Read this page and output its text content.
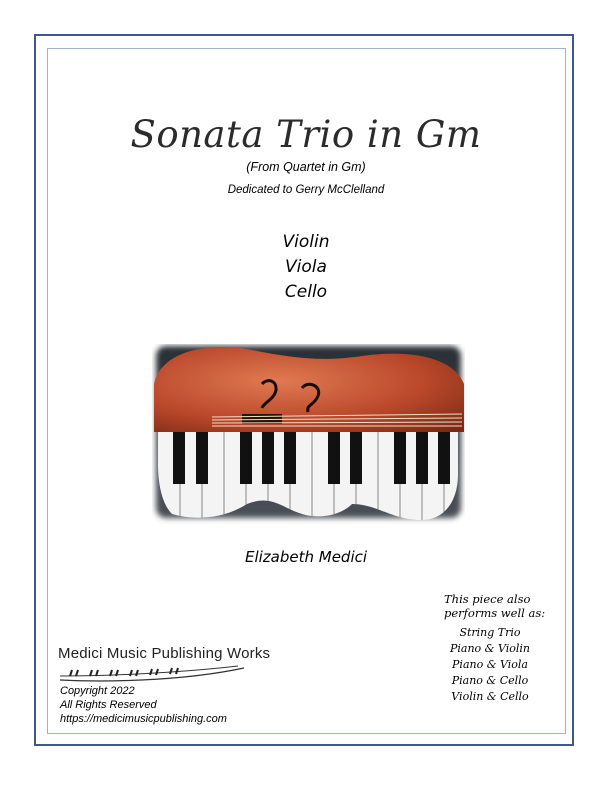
Sonata Trio in Gm
(From Quartet in Gm)
Dedicated to Gerry McClelland
Violin
Viola
Cello
Elizabeth Medici
This piece also
performs well as:
String Trio
Piano & Violin
Piano & Viola
Piano & Cello
Violin & Cello
Medici Music Publishing Works
Copyright 2022
All Rights Reserved
https://medicimusicpublishing.com
